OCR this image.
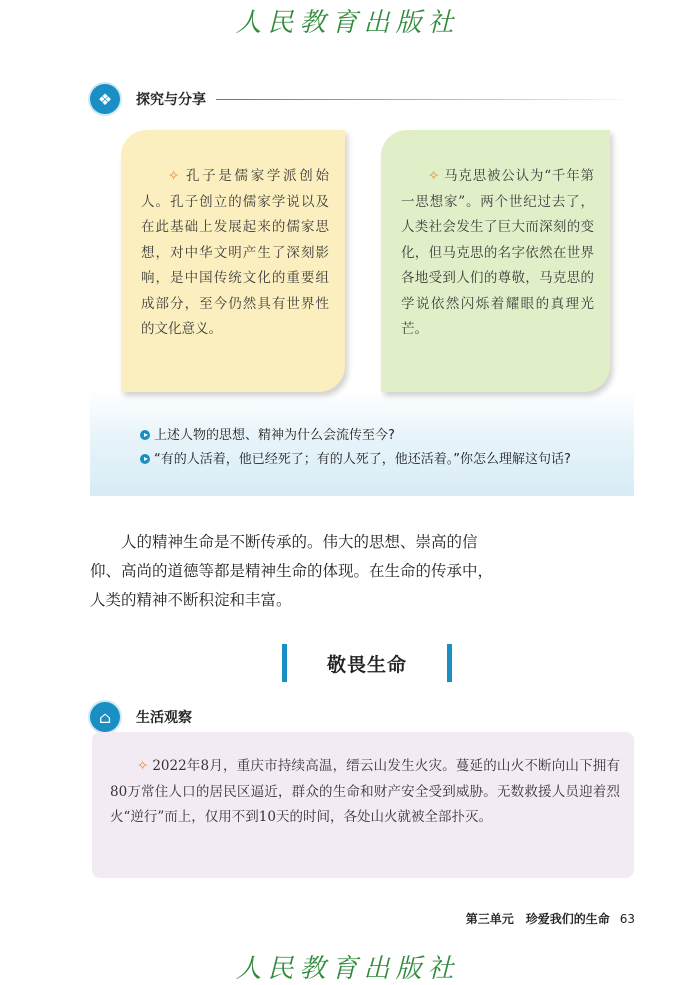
人民教育出版社
❖	探究与分享
✧ 孔子是儒家学派创始人。孔子创立的儒家学说以及在此基础上发展起来的儒家思想，对中华文明产生了深刻影响，是中国传统文化的重要组成部分，至今仍然具有世界性的文化意义。
✧ 马克思被公认为“千年第一思想家”。两个世纪过去了，人类社会发生了巨大而深刻的变化，但马克思的名字依然在世界各地受到人们的尊敬，马克思的学说依然闪烁着耀眼的真理光芒。
上述人物的思想、精神为什么会流传至今?
“有的人活着，他已经死了；有的人死了，他还活着。”你怎么理解这句话?
人的精神生命是不断传承的。伟大的思想、崇高的信仰、高尚的道德等都是精神生命的体现。在生命的传承中，人类的精神不断积淀和丰富。
敬畏生命
⌂	生活观察
✧ 2022年8月，重庆市持续高温，缙云山发生火灾。蔓延的山火不断向山下拥有80万常住人口的居民区逼近，群众的生命和财产安全受到威胁。无数救援人员迎着烈火“逆行”而上，仅用不到10天的时间，各处山火就被全部扑灭。
第三单元　珍爱我们的生命 63
人民教育出版社
